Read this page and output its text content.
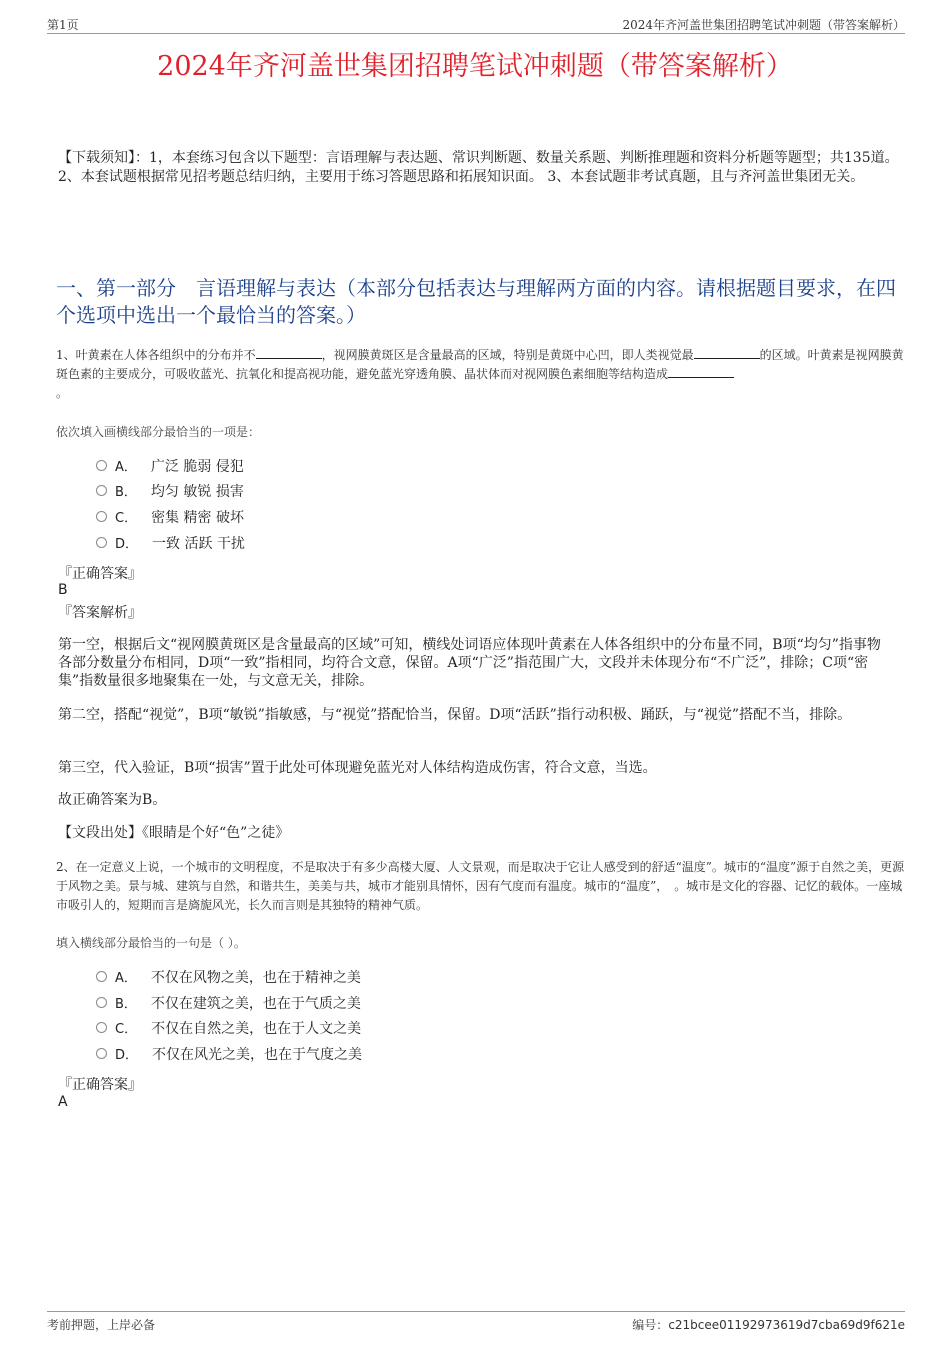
第1页	2024年齐河盖世集团招聘笔试冲刺题（带答案解析）
2024年齐河盖世集团招聘笔试冲刺题（带答案解析）
【下载须知】：1，本套练习包含以下题型：言语理解与表达题、常识判断题、数量关系题、判断推理题和资料分析题等题型；共135道。 2、本套试题根据常见招考题总结归纳，主要用于练习答题思路和拓展知识面。 3、本套试题非考试真题，且与齐河盖世集团无关。
一、第一部分　言语理解与表达（本部分包括表达与理解两方面的内容。请根据题目要求，在四个选项中选出一个最恰当的答案。）
1、叶黄素在人体各组织中的分布并不	，视网膜黄斑区是含量最高的区域，特别是黄斑中心凹，即人类视觉最	的区域。叶黄素是视网膜黄斑色素的主要成分，可吸收蓝光、抗氧化和提高视功能，避免蓝光穿透角膜、晶状体而对视网膜色素细胞等结构造成
。
依次填入画横线部分最恰当的一项是：
A． 广泛 脆弱 侵犯
B． 均匀 敏锐 损害
C． 密集 精密 破坏
D． 一致 活跃 干扰
『正确答案』
B
『答案解析』
第一空，根据后文“视网膜黄斑区是含量最高的区域”可知，横线处词语应体现叶黄素在人体各组织中的分布量不同，B项“均匀”指事物各部分数量分布相同，D项“一致”指相同，均符合文意，保留。A项“广泛”指范围广大，文段并未体现分布“不广泛”，排除；C项“密集”指数量很多地聚集在一处，与文意无关，排除。
第二空，搭配“视觉”，B项“敏锐”指敏感，与“视觉”搭配恰当，保留。D项“活跃”指行动积极、踊跃，与“视觉”搭配不当，排除。
第三空，代入验证，B项“损害”置于此处可体现避免蓝光对人体结构造成伤害，符合文意，当选。
故正确答案为B。
【文段出处】《眼睛是个好“色”之徒》
2、在一定意义上说，一个城市的文明程度，不是取决于有多少高楼大厦、人文景观，而是取决于它让人感受到的舒适“温度”。城市的“温度”源于自然之美，更源于风物之美。景与城、建筑与自然，和谐共生，美美与共，城市才能别具情怀，因有气度而有温度。城市的“温度”，　。城市是文化的容器、记忆的载体。一座城市吸引人的，短期而言是旖旎风光，长久而言则是其独特的精神气质。
填入横线部分最恰当的一句是（ ）。
A． 不仅在风物之美，也在于精神之美
B． 不仅在建筑之美，也在于气质之美
C． 不仅在自然之美，也在于人文之美
D． 不仅在风光之美，也在于气度之美
『正确答案』
A
考前押题，上岸必备	编号：c21bcee01192973619d7cba69d9f621e
